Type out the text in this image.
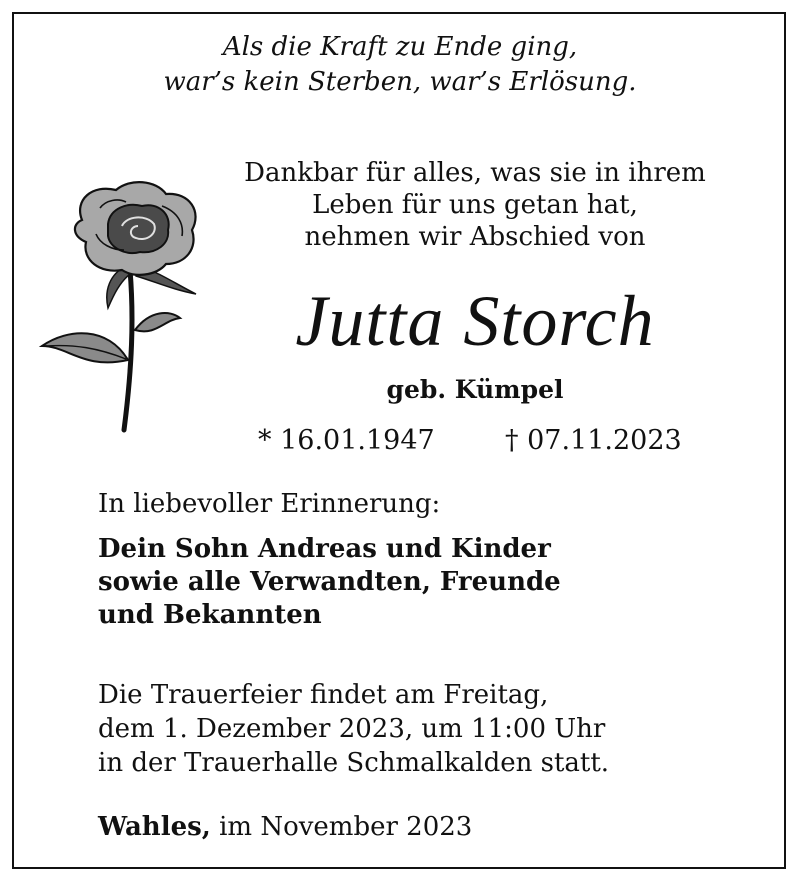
Als die Kraft zu Ende ging,
war’s kein Sterben, war’s Erlösung.
Dankbar für alles, was sie in ihrem
Leben für uns getan hat,
nehmen wir Abschied von
Jutta Storch
geb. Kümpel
* 16.01.1947	† 07.11.2023
In liebevoller Erinnerung:
Dein Sohn Andreas und Kinder
sowie alle Verwandten, Freunde
und Bekannten
Die Trauerfeier findet am Freitag,
dem 1. Dezember 2023, um 11:00 Uhr
in der Trauerhalle Schmalkalden statt.
Wahles, im November 2023
